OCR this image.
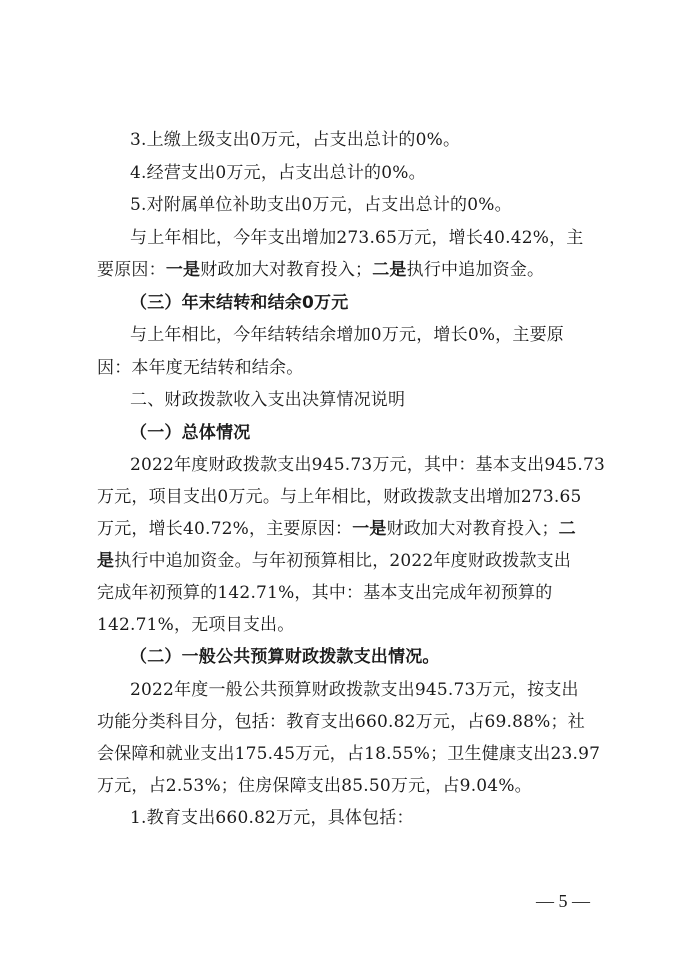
3.上缴上级支出0万元，占支出总计的0%。
4.经营支出0万元，占支出总计的0%。
5.对附属单位补助支出0万元，占支出总计的0%。
与上年相比，今年支出增加273.65万元，增长40.42%，主
要原因：一是财政加大对教育投入；二是执行中追加资金。
（三）年末结转和结余0万元
与上年相比，今年结转结余增加0万元，增长0%，主要原
因：本年度无结转和结余。
二、财政拨款收入支出决算情况说明
（一）总体情况
2022年度财政拨款支出945.73万元，其中：基本支出945.73
万元，项目支出0万元。与上年相比，财政拨款支出增加273.65
万元，增长40.72%，主要原因：一是财政加大对教育投入；二
是执行中追加资金。与年初预算相比，2022年度财政拨款支出
完成年初预算的142.71%，其中：基本支出完成年初预算的
142.71%，无项目支出。
（二）一般公共预算财政拨款支出情况。
2022年度一般公共预算财政拨款支出945.73万元，按支出
功能分类科目分，包括：教育支出660.82万元，占69.88%；社
会保障和就业支出175.45万元，占18.55%；卫生健康支出23.97
万元，占2.53%；住房保障支出85.50万元，占9.04%。
1.教育支出660.82万元，具体包括：
— 5 —
